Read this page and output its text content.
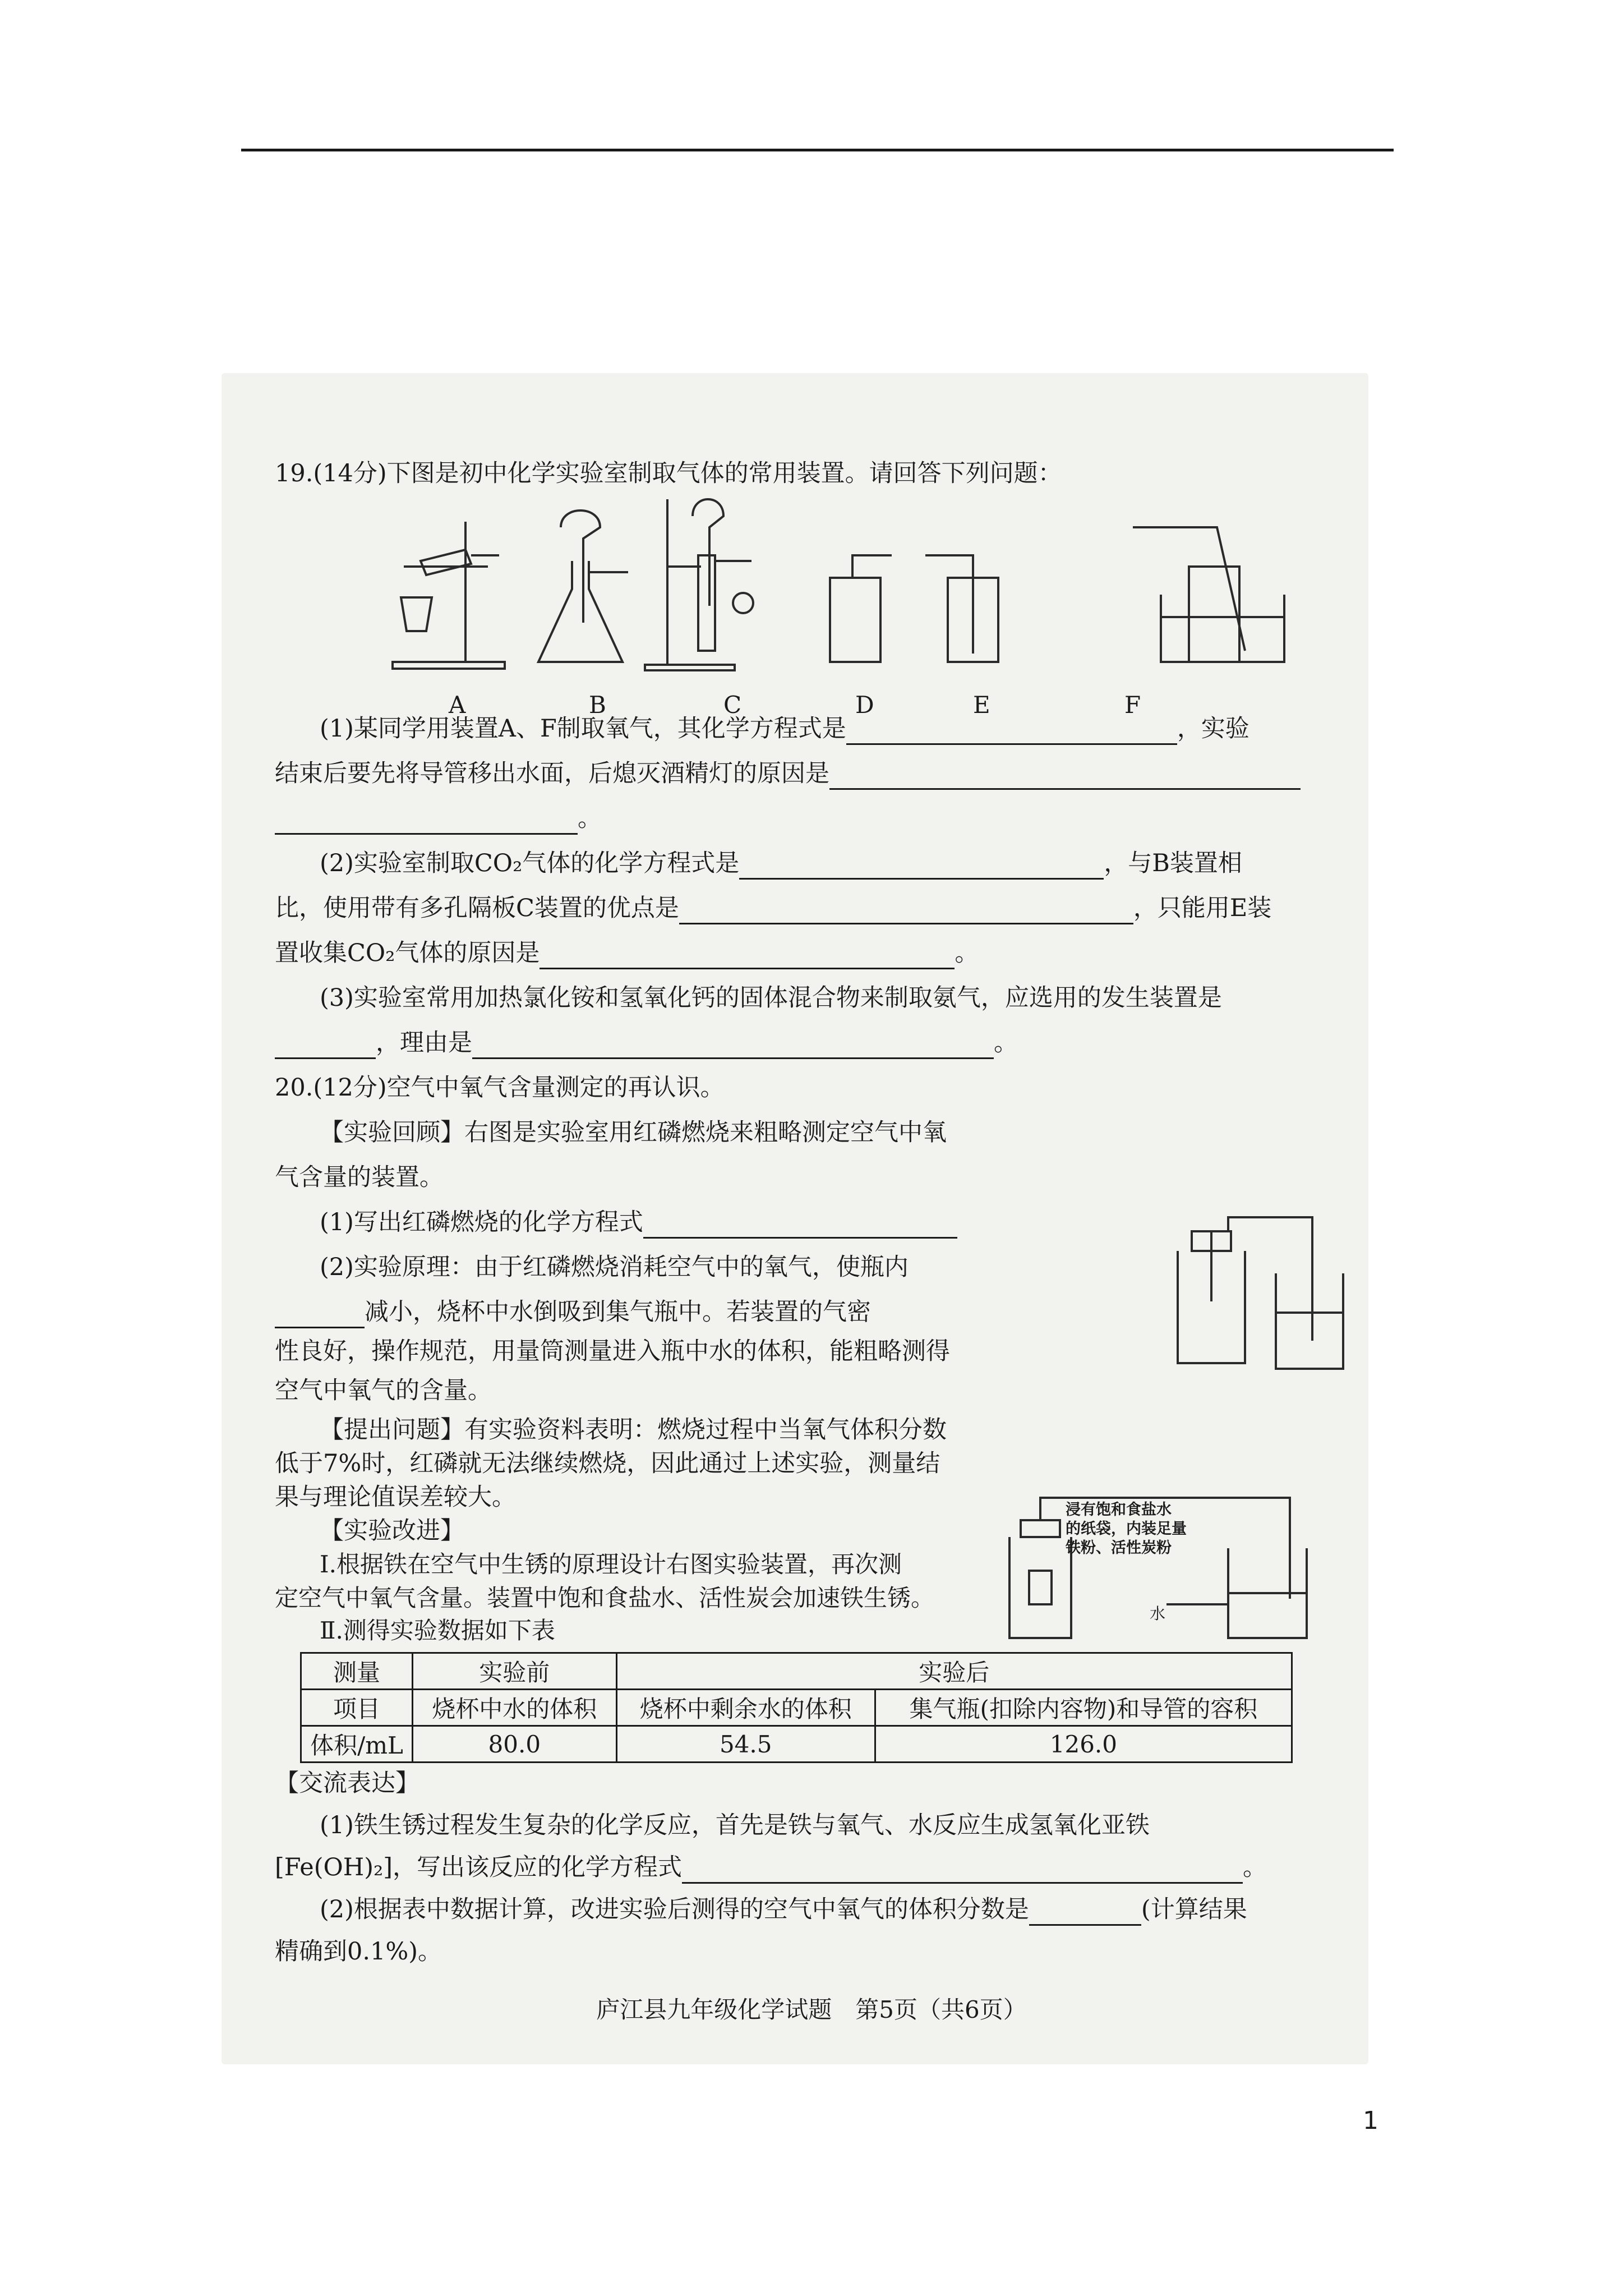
19.(14分)下图是初中化学实验室制取气体的常用装置。请回答下列问题：
A	B	C	D	E	F
(1)某同学用装置A、F制取氧气，其化学方程式是	，实验
结束后要先将导管移出水面，后熄灭酒精灯的原因是
。
(2)实验室制取CO₂气体的化学方程式是	，与B装置相
比，使用带有多孔隔板C装置的优点是	，只能用E装
置收集CO₂气体的原因是	。
(3)实验室常用加热氯化铵和氢氧化钙的固体混合物来制取氨气，应选用的发生装置是
，理由是	。
20.(12分)空气中氧气含量测定的再认识。
【实验回顾】右图是实验室用红磷燃烧来粗略测定空气中氧
气含量的装置。
(1)写出红磷燃烧的化学方程式
(2)实验原理：由于红磷燃烧消耗空气中的氧气，使瓶内
减小，烧杯中水倒吸到集气瓶中。若装置的气密
性良好，操作规范，用量筒测量进入瓶中水的体积，能粗略测得
空气中氧气的含量。
【提出问题】有实验资料表明：燃烧过程中当氧气体积分数
低于7%时，红磷就无法继续燃烧，因此通过上述实验，测量结
果与理论值误差较大。
【实验改进】
Ⅰ.根据铁在空气中生锈的原理设计右图实验装置，再次测
浸有饱和食盐水
的纸袋，内装足量
铁粉、活性炭粉
水
测量	实验前	实验后	
项目	烧杯中水的体积	烧杯中剩余水的体积	集气瓶(扣除内容物)和导管的容积
体积/mL	80.0	54.5	126.0
【交流表达】
(1)铁生锈过程发生复杂的化学反应，首先是铁与氧气、水反应生成氢氧化亚铁
[Fe(OH)₂]，写出该反应的化学方程式	。
(2)根据表中数据计算，改进实验后测得的空气中氧气的体积分数是	(计算结果
精确到0.1%)。
庐江县九年级化学试题　第5页（共6页）
1
定空气中氧气含量。装置中饱和食盐水、活性炭会加速铁生锈。
Ⅱ.测得实验数据如下表
